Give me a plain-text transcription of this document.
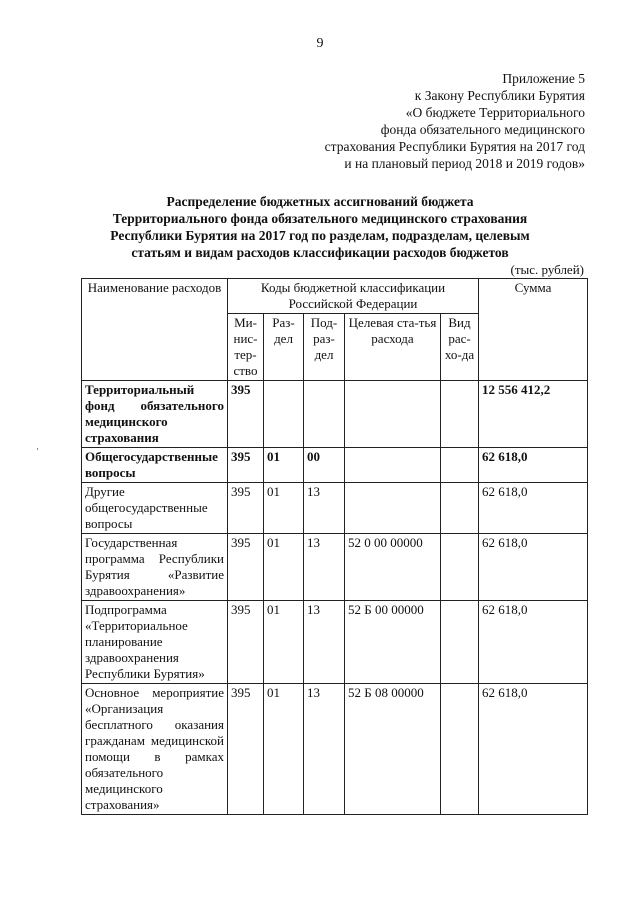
9
Приложение 5
к Закону Республики Бурятия
«О бюджете Территориального
фонда обязательного медицинского
страхования Республики Бурятия на 2017 год
и на плановый период 2018 и 2019 годов»
Распределение бюджетных ассигнований бюджета
Территориального фонда обязательного медицинского страхования
Республики Бурятия на 2017 год по разделам, подразделам, целевым
статьям и видам расходов классификации расходов бюджетов
(тыс. рублей)
Наименование расходов	Коды бюджетной классификации Российской Федерации					Сумма
	Ми-нис-тер-ство	Раз-дел	Под-раз-дел	Целевая ста-тья расхода	Вид рас-хо-да	
Территориальный фонд обязательного медицинского страхования	395					12 556 412,2
Общегосударственные вопросы	395	01	00			62 618,0
Другие общегосударственные вопросы	395	01	13			62 618,0
Государственная программа Республики Бурятия «Развитие здравоохранения»	395	01	13	52 0 00 00000		62 618,0
Подпрограмма «Территориальное планирование здравоохранения Республики Бурятия»	395	01	13	52 Б 00 00000		62 618,0
Основное мероприятие «Организация бесплатного оказания гражданам медицинской помощи в рамках обязательного медицинского страхования»	395	01	13	52 Б 08 00000		62 618,0
